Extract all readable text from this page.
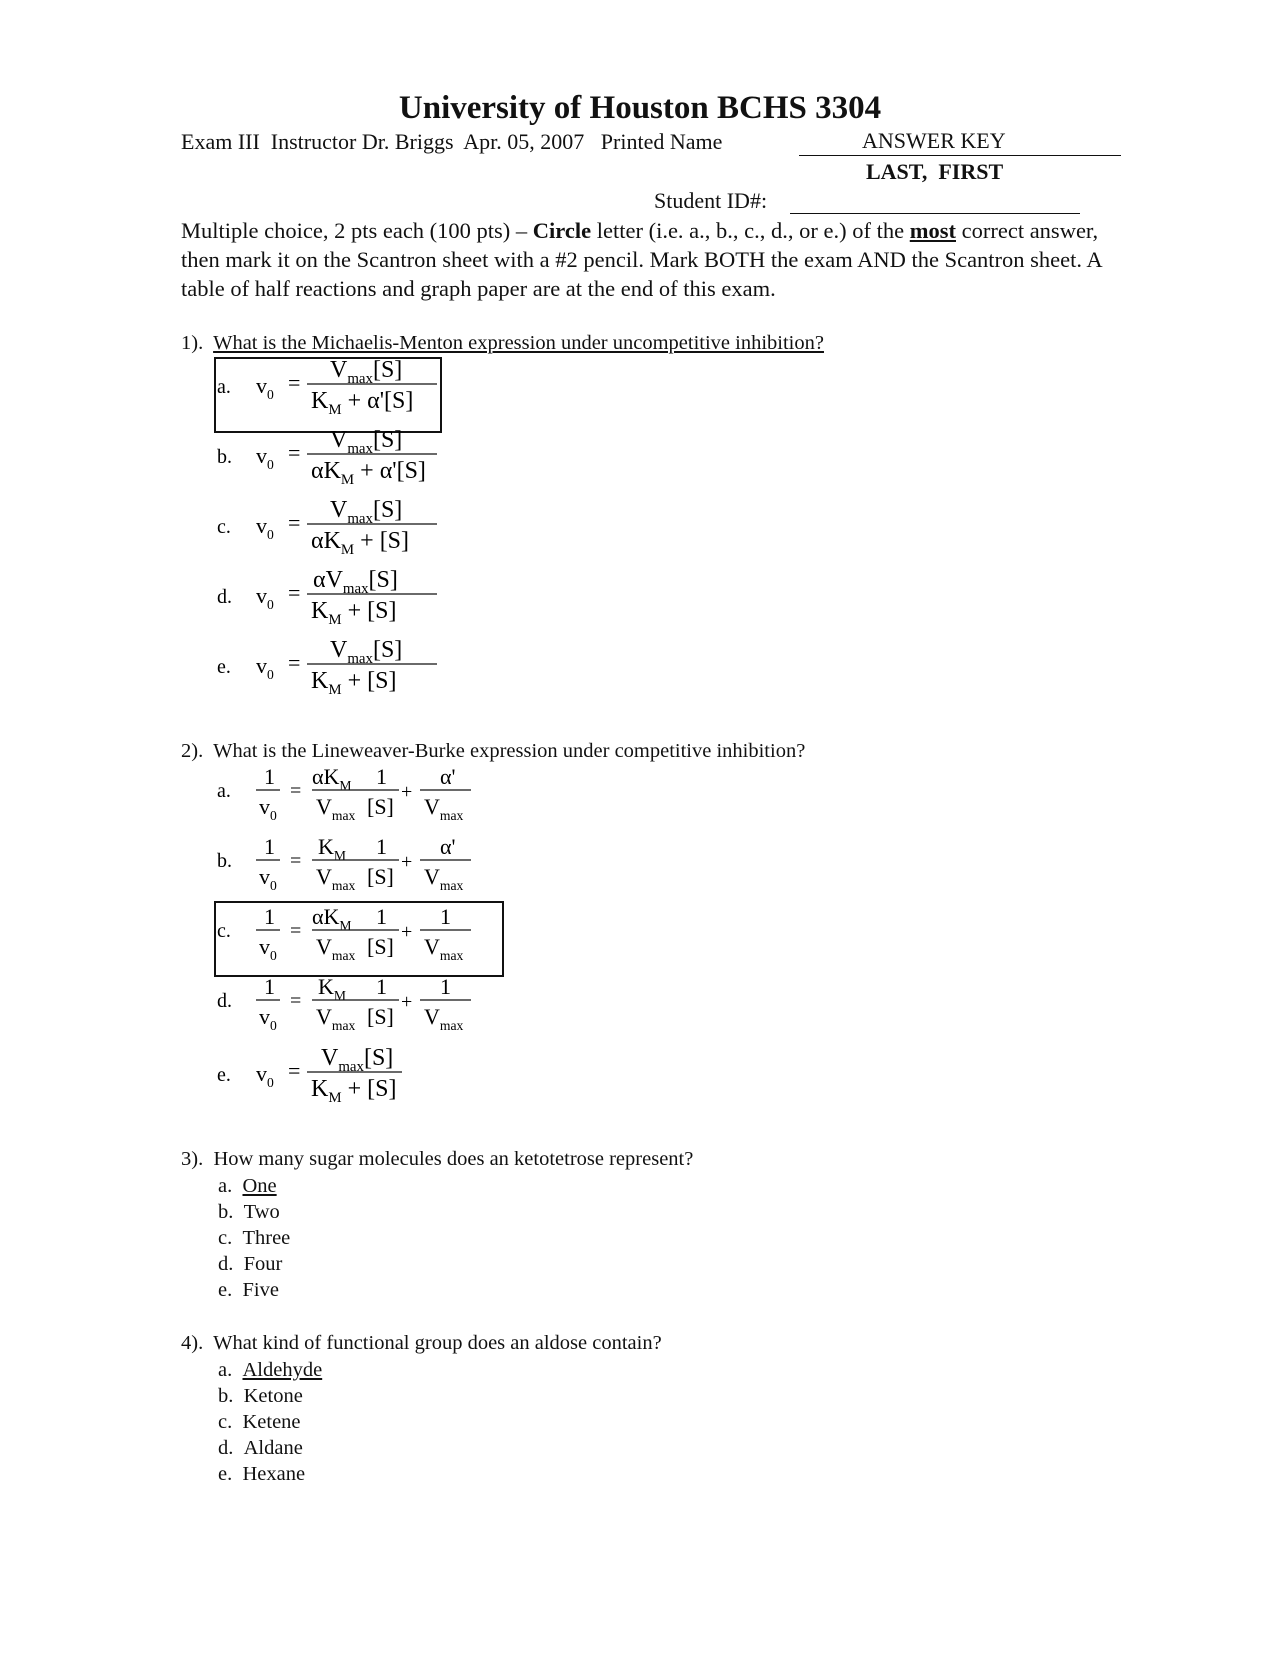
University of Houston BCHS 3304
Exam III Instructor Dr. Briggs Apr. 05, 2007 Printed Name	ANSWER KEY
LAST,  FIRST
Student ID#:
Multiple choice, 2 pts each (100 pts) – Circle letter (i.e. a., b., c., d., or e.) of the most correct answer, then mark it on the Scantron sheet with a #2 pencil. Mark BOTH the exam AND the Scantron sheet. A table of half reactions and graph paper are at the end of this exam.
1). What is the Michaelis-Menton expression under uncompetitive inhibition?
a. $v_0 = V_{max}[S]$
$K_M + \alpha'[S]$
b. $v_0 = V_{max}[S]$
$\alpha K_M + \alpha'[S]$
c. $v_0 = V_{max}[S]$
$\alpha K_M + [S]$
d. $v_0 = \alpha V_{max}[S]$
$K_M + [S]$
e. $v_0 = V_{max}[S]$
$K_M + [S]$
a.
1
$v_0$
=
$\alpha K_M$
$V_{max}$
1
[S]
+
α'
$V_{max}$
b.
1
$v_0$
=
$K_M$
$V_{max}$
1
[S]
+
α'
$V_{max}$
c.
1
$v_0$
=
$\alpha K_M$
$V_{max}$
1
[S]
+
1
$V_{max}$
d.
1
$v_0$
=
$K_M$
$V_{max}$
1
[S]
+
1
$V_{max}$
e. $v_0 = V_{max}[S]$
$K_M + [S]$
2). What is the Lineweaver-Burke expression under competitive inhibition?
3). How many sugar molecules does an ketotetrose represent?
a. One
b. Two
c. Three
d. Four
e. Five
4). What kind of functional group does an aldose contain?
a. Aldehyde
b. Ketone
c. Ketene
d. Aldane
e. Hexane
